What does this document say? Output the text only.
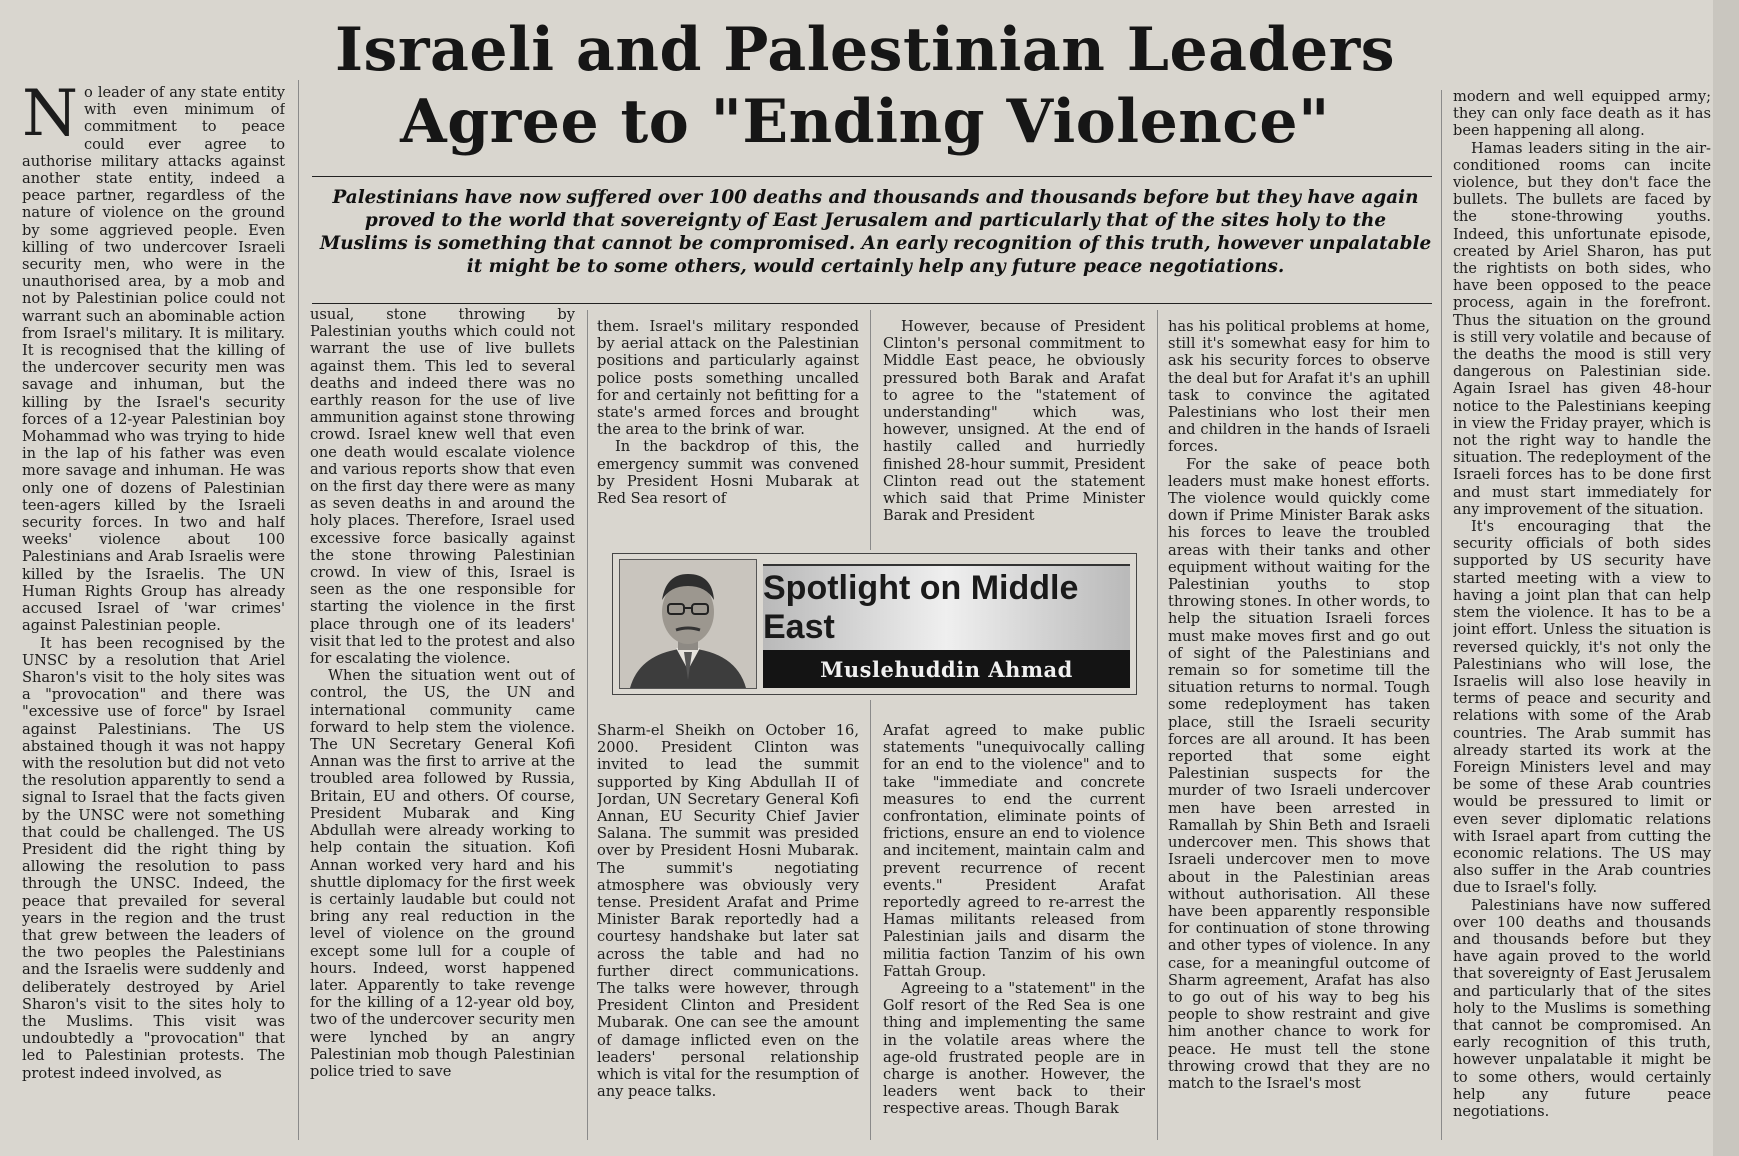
Israeli and Palestinian Leaders
Agree to "Ending Violence"
Palestinians have now suffered over 100 deaths and thousands and thousands before but they have again proved to the world that sovereignty of East Jerusalem and particularly that of the sites holy to the Muslims is something that cannot be compromised. An early recognition of this truth, however unpalatable it might be to some others, would certainly help any future peace negotiations.

No leader of any state entity with even minimum of commitment to peace could ever agree to authorise military attacks against another state entity, indeed a peace partner, regardless of the nature of violence on the ground by some aggrieved people. Even killing of two undercover Israeli security men, who were in the unauthorised area, by a mob and not by Palestinian police could not warrant such an abominable action from Israel's military. It is military. It is recognised that the killing of the undercover security men was savage and inhuman, but the killing by the Israel's security forces of a 12-year Palestinian boy Mohammad who was trying to hide in the lap of his father was even more savage and inhuman. He was only one of dozens of Palestinian teen-agers killed by the Israeli security forces. In two and half weeks' violence about 100 Palestinians and Arab Israelis were killed by the Israelis. The UN Human Rights Group has already accused Israel of 'war crimes' against Palestinian people.

It has been recognised by the UNSC by a resolution that Ariel Sharon's visit to the holy sites was a "provocation" and there was "excessive use of force" by Israel against Palestinians. The US abstained though it was not happy with the resolution but did not veto the resolution apparently to send a signal to Israel that the facts given by the UNSC were not something that could be challenged. The US President did the right thing by allowing the resolution to pass through the UNSC. Indeed, the peace that prevailed for several years in the region and the trust that grew between the leaders of the two peoples the Palestinians and the Israelis were suddenly and deliberately destroyed by Ariel Sharon's visit to the sites holy to the Muslims. This visit was undoubtedly a "provocation" that led to Palestinian protests. The protest indeed involved, as

usual, stone throwing by Palestinian youths which could not warrant the use of live bullets against them. This led to several deaths and indeed there was no earthly reason for the use of live ammunition against stone throwing crowd. Israel knew well that even one death would escalate violence and various reports show that even on the first day there were as many as seven deaths in and around the holy places. Therefore, Israel used excessive force basically against the stone throwing Palestinian crowd. In view of this, Israel is seen as the one responsible for starting the violence in the first place through one of its leaders' visit that led to the protest and also for escalating the violence.

When the situation went out of control, the US, the UN and international community came forward to help stem the violence. The UN Secretary General Kofi Annan was the first to arrive at the troubled area followed by Russia, Britain, EU and others. Of course, President Mubarak and King Abdullah were already working to help contain the situation. Kofi Annan worked very hard and his shuttle diplomacy for the first week is certainly laudable but could not bring any real reduction in the level of violence on the ground except some lull for a couple of hours. Indeed, worst happened later. Apparently to take revenge for the killing of a 12-year old boy, two of the undercover security men were lynched by an angry Palestinian mob though Palestinian police tried to save

them. Israel's military responded by aerial attack on the Palestinian positions and particularly against police posts something uncalled for and certainly not befitting for a state's armed forces and brought the area to the brink of war.

In the backdrop of this, the emergency summit was convened by President Hosni Mubarak at Red Sea resort of

However, because of President Clinton's personal commitment to Middle East peace, he obviously pressured both Barak and Arafat to agree to the "statement of understanding" which was, however, unsigned. At the end of hastily called and hurriedly finished 28-hour summit, President Clinton read out the statement which said that Prime Minister Barak and President

Spotlight on Middle East
Muslehuddin Ahmad

Sharm-el Sheikh on October 16, 2000. President Clinton was invited to lead the summit supported by King Abdullah II of Jordan, UN Secretary General Kofi Annan, EU Security Chief Javier Salana. The summit was presided over by President Hosni Mubarak. The summit's negotiating atmosphere was obviously very tense. President Arafat and Prime Minister Barak reportedly had a courtesy handshake but later sat across the table and had no further direct communications. The talks were however, through President Clinton and President Mubarak. One can see the amount of damage inflicted even on the leaders' personal relationship which is vital for the resumption of any peace talks.

Arafat agreed to make public statements "unequivocally calling for an end to the violence" and to take "immediate and concrete measures to end the current confrontation, eliminate points of frictions, ensure an end to violence and incitement, maintain calm and prevent recurrence of recent events." President Arafat reportedly agreed to re-arrest the Hamas militants released from Palestinian jails and disarm the militia faction Tanzim of his own Fattah Group.

Agreeing to a "statement" in the Golf resort of the Red Sea is one thing and implementing the same in the volatile areas where the age-old frustrated people are in charge is another. However, the leaders went back to their respective areas. Though Barak

has his political problems at home, still it's somewhat easy for him to ask his security forces to observe the deal but for Arafat it's an uphill task to convince the agitated Palestinians who lost their men and children in the hands of Israeli forces.

For the sake of peace both leaders must make honest efforts. The violence would quickly come down if Prime Minister Barak asks his forces to leave the troubled areas with their tanks and other equipment without waiting for the Palestinian youths to stop throwing stones. In other words, to help the situation Israeli forces must make moves first and go out of sight of the Palestinians and remain so for sometime till the situation returns to normal. Tough some redeployment has taken place, still the Israeli security forces are all around. It has been reported that some eight Palestinian suspects for the murder of two Israeli undercover men have been arrested in Ramallah by Shin Beth and Israeli undercover men. This shows that Israeli undercover men to move about in the Palestinian areas without authorisation. All these have been apparently responsible for continuation of stone throwing and other types of violence. In any case, for a meaningful outcome of Sharm agreement, Arafat has also to go out of his way to beg his people to show restraint and give him another chance to work for peace. He must tell the stone throwing crowd that they are no match to the Israel's most

modern and well equipped army; they can only face death as it has been happening all along.

Hamas leaders siting in the air-conditioned rooms can incite violence, but they don't face the bullets. The bullets are faced by the stone-throwing youths. Indeed, this unfortunate episode, created by Ariel Sharon, has put the rightists on both sides, who have been opposed to the peace process, again in the forefront. Thus the situation on the ground is still very volatile and because of the deaths the mood is still very dangerous on Palestinian side. Again Israel has given 48-hour notice to the Palestinians keeping in view the Friday prayer, which is not the right way to handle the situation. The redeployment of the Israeli forces has to be done first and must start immediately for any improvement of the situation.

It's encouraging that the security officials of both sides supported by US security have started meeting with a view to having a joint plan that can help stem the violence. It has to be a joint effort. Unless the situation is reversed quickly, it's not only the Palestinians who will lose, the Israelis will also lose heavily in terms of peace and security and relations with some of the Arab countries. The Arab summit has already started its work at the Foreign Ministers level and may be some of these Arab countries would be pressured to limit or even sever diplomatic relations with Israel apart from cutting the economic relations. The US may also suffer in the Arab countries due to Israel's folly.

Palestinians have now suffered over 100 deaths and thousands and thousands before but they have again proved to the world that sovereignty of East Jerusalem and particularly that of the sites holy to the Muslims is something that cannot be compromised. An early recognition of this truth, however unpalatable it might be to some others, would certainly help any future peace negotiations.
